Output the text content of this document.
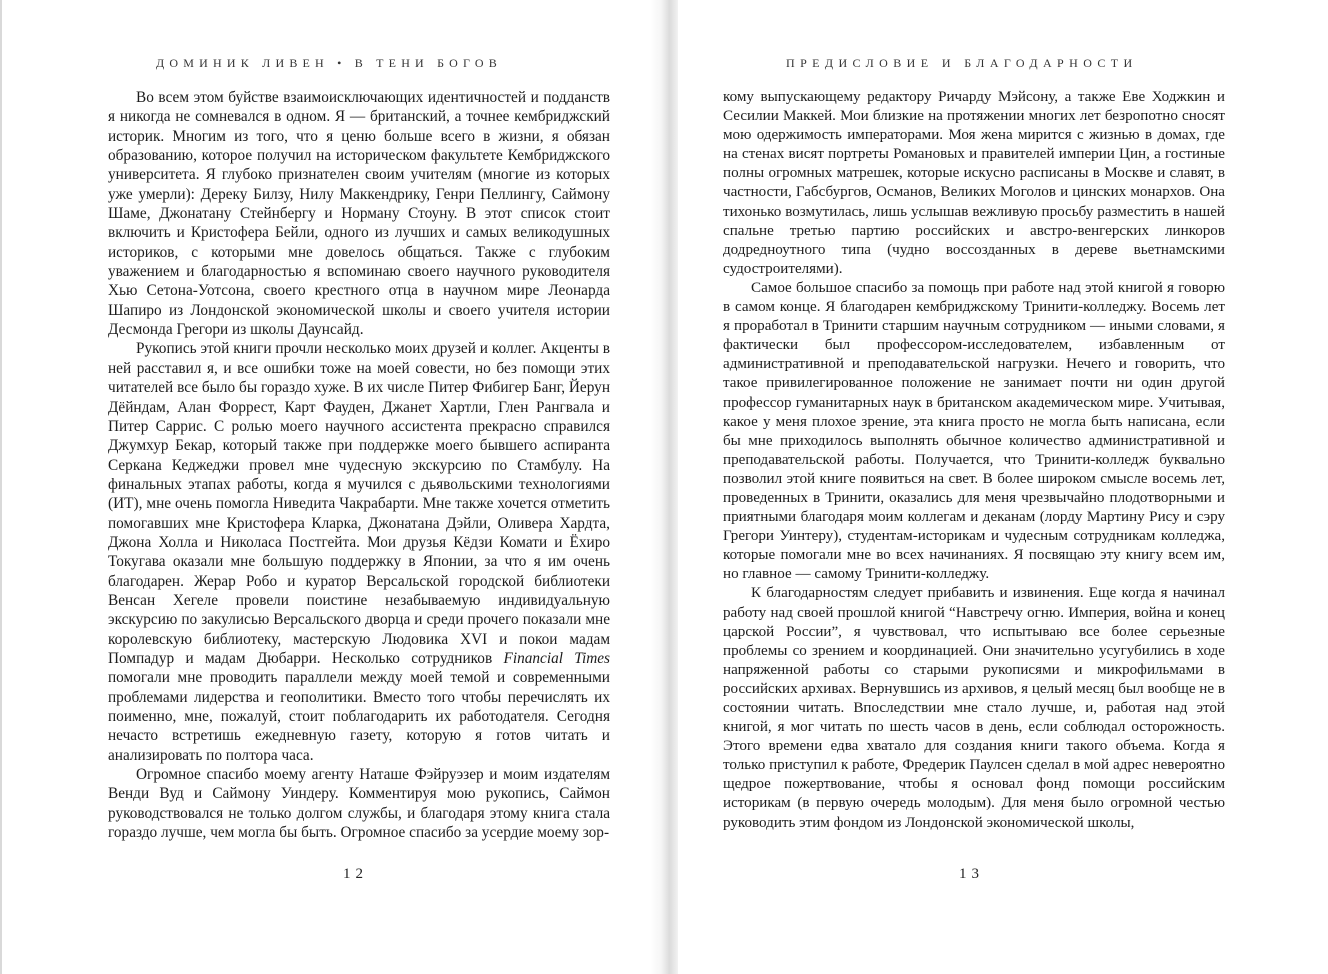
ДОМИНИК ЛИВЕН • В ТЕНИ БОГОВ

Во всем этом буйстве взаимоисключающих идентичностей и подданств я никогда не сомневался в одном. Я — британский, а точнее кембриджский историк. Многим из того, что я ценю больше всего в жизни, я обязан образованию, которое получил на историческом факультете Кембриджского университета. Я глубоко признателен своим учителям (многие из которых уже умерли): Дереку Билзу, Нилу Маккендрику, Генри Пеллингу, Саймону Шаме, Джонатану Стейнбергу и Норману Стоуну. В этот список стоит включить и Кристофера Бейли, одного из лучших и самых великодушных историков, с которыми мне довелось общаться. Также с глубоким уважением и благодарностью я вспоминаю своего научного руководителя Хью Сетона-Уотсона, своего крестного отца в научном мире Леонарда Шапиро из Лондонской экономической школы и своего учителя истории Десмонда Грегори из школы Даунсайд.

Рукопись этой книги прочли несколько моих друзей и коллег. Акценты в ней расставил я, и все ошибки тоже на моей совести, но без помощи этих читателей все было бы гораздо хуже. В их числе Питер Фибигер Банг, Йерун Дёйндам, Алан Форрест, Карт Фауден, Джанет Хартли, Глен Рангвала и Питер Саррис. С ролью моего научного ассистента прекрасно справился Джумхур Бекар, который также при поддержке моего бывшего аспиранта Серкана Кеджеджи провел мне чудесную экскурсию по Стамбулу. На финальных этапах работы, когда я мучился с дьявольскими технологиями (ИТ), мне очень помогла Ниведита Чакрабарти. Мне также хочется отметить помогавших мне Кристофера Кларка, Джонатана Дэйли, Оливера Хардта, Джона Холла и Николаса Постгейта. Мои друзья Кёдзи Комати и Ёхиро Токугава оказали мне большую поддержку в Японии, за что я им очень благодарен. Жерар Робо и куратор Версальской городской библиотеки Венсан Хегеле провели поистине незабываемую индивидуальную экскурсию по закулисью Версальского дворца и среди прочего показали мне королевскую библиотеку, мастерскую Людовика XVI и покои мадам Помпадур и мадам Дюбарри. Несколько сотрудников Financial Times помогали мне проводить параллели между моей темой и современными проблемами лидерства и геополитики. Вместо того чтобы перечислять их поименно, мне, пожалуй, стоит поблагодарить их работодателя. Сегодня нечасто встретишь ежедневную газету, которую я готов читать и анализировать по полтора часа.

Огромное спасибо моему агенту Наташе Фэйруэзер и моим издателям Венди Вуд и Саймону Уиндеру. Комментируя мою рукопись, Саймон руководствовался не только долгом службы, и благодаря этому книга стала гораздо лучше, чем могла бы быть. Огромное спасибо за усердие моему зор-

12
ПРЕДИСЛОВИЕ И БЛАГОДАРНОСТИ

кому выпускающему редактору Ричарду Мэйсону, а также Еве Ходжкин и Сесилии Маккей. Мои близкие на протяжении многих лет безропотно сносят мою одержимость императорами. Моя жена мирится с жизнью в домах, где на стенах висят портреты Романовых и правителей империи Цин, а гостиные полны огромных матрешек, которые искусно расписаны в Москве и славят, в частности, Габсбургов, Османов, Великих Моголов и цинских монархов. Она тихонько возмутилась, лишь услышав вежливую просьбу разместить в нашей спальне третью партию российских и австро-венгерских линкоров додредноутного типа (чудно воссозданных в дереве вьетнамскими судостроителями).

Самое большое спасибо за помощь при работе над этой книгой я говорю в самом конце. Я благодарен кембриджскому Тринити-колледжу. Восемь лет я проработал в Тринити старшим научным сотрудником — иными словами, я фактически был профессором-исследователем, избавленным от административной и преподавательской нагрузки. Нечего и говорить, что такое привилегированное положение не занимает почти ни один другой профессор гуманитарных наук в британском академическом мире. Учитывая, какое у меня плохое зрение, эта книга просто не могла быть написана, если бы мне приходилось выполнять обычное количество административной и преподавательской работы. Получается, что Тринити-колледж буквально позволил этой книге появиться на свет. В более широком смысле восемь лет, проведенных в Тринити, оказались для меня чрезвычайно плодотворными и приятными благодаря моим коллегам и деканам (лорду Мартину Рису и сэру Грегори Уинтеру), студентам-историкам и чудесным сотрудникам колледжа, которые помогали мне во всех начинаниях. Я посвящаю эту книгу всем им, но главное — самому Тринити-колледжу.

К благодарностям следует прибавить и извинения. Еще когда я начинал работу над своей прошлой книгой “Навстречу огню. Империя, война и конец царской России”, я чувствовал, что испытываю все более серьезные проблемы со зрением и координацией. Они значительно усугубились в ходе напряженной работы со старыми рукописями и микрофильмами в российских архивах. Вернувшись из архивов, я целый месяц был вообще не в состоянии читать. Впоследствии мне стало лучше, и, работая над этой книгой, я мог читать по шесть часов в день, если соблюдал осторожность. Этого времени едва хватало для создания книги такого объема. Когда я только приступил к работе, Фредерик Паулсен сделал в мой адрес невероятно щедрое пожертвование, чтобы я основал фонд помощи российским историкам (в первую очередь молодым). Для меня было огромной честью руководить этим фондом из Лондонской экономической школы,

13
